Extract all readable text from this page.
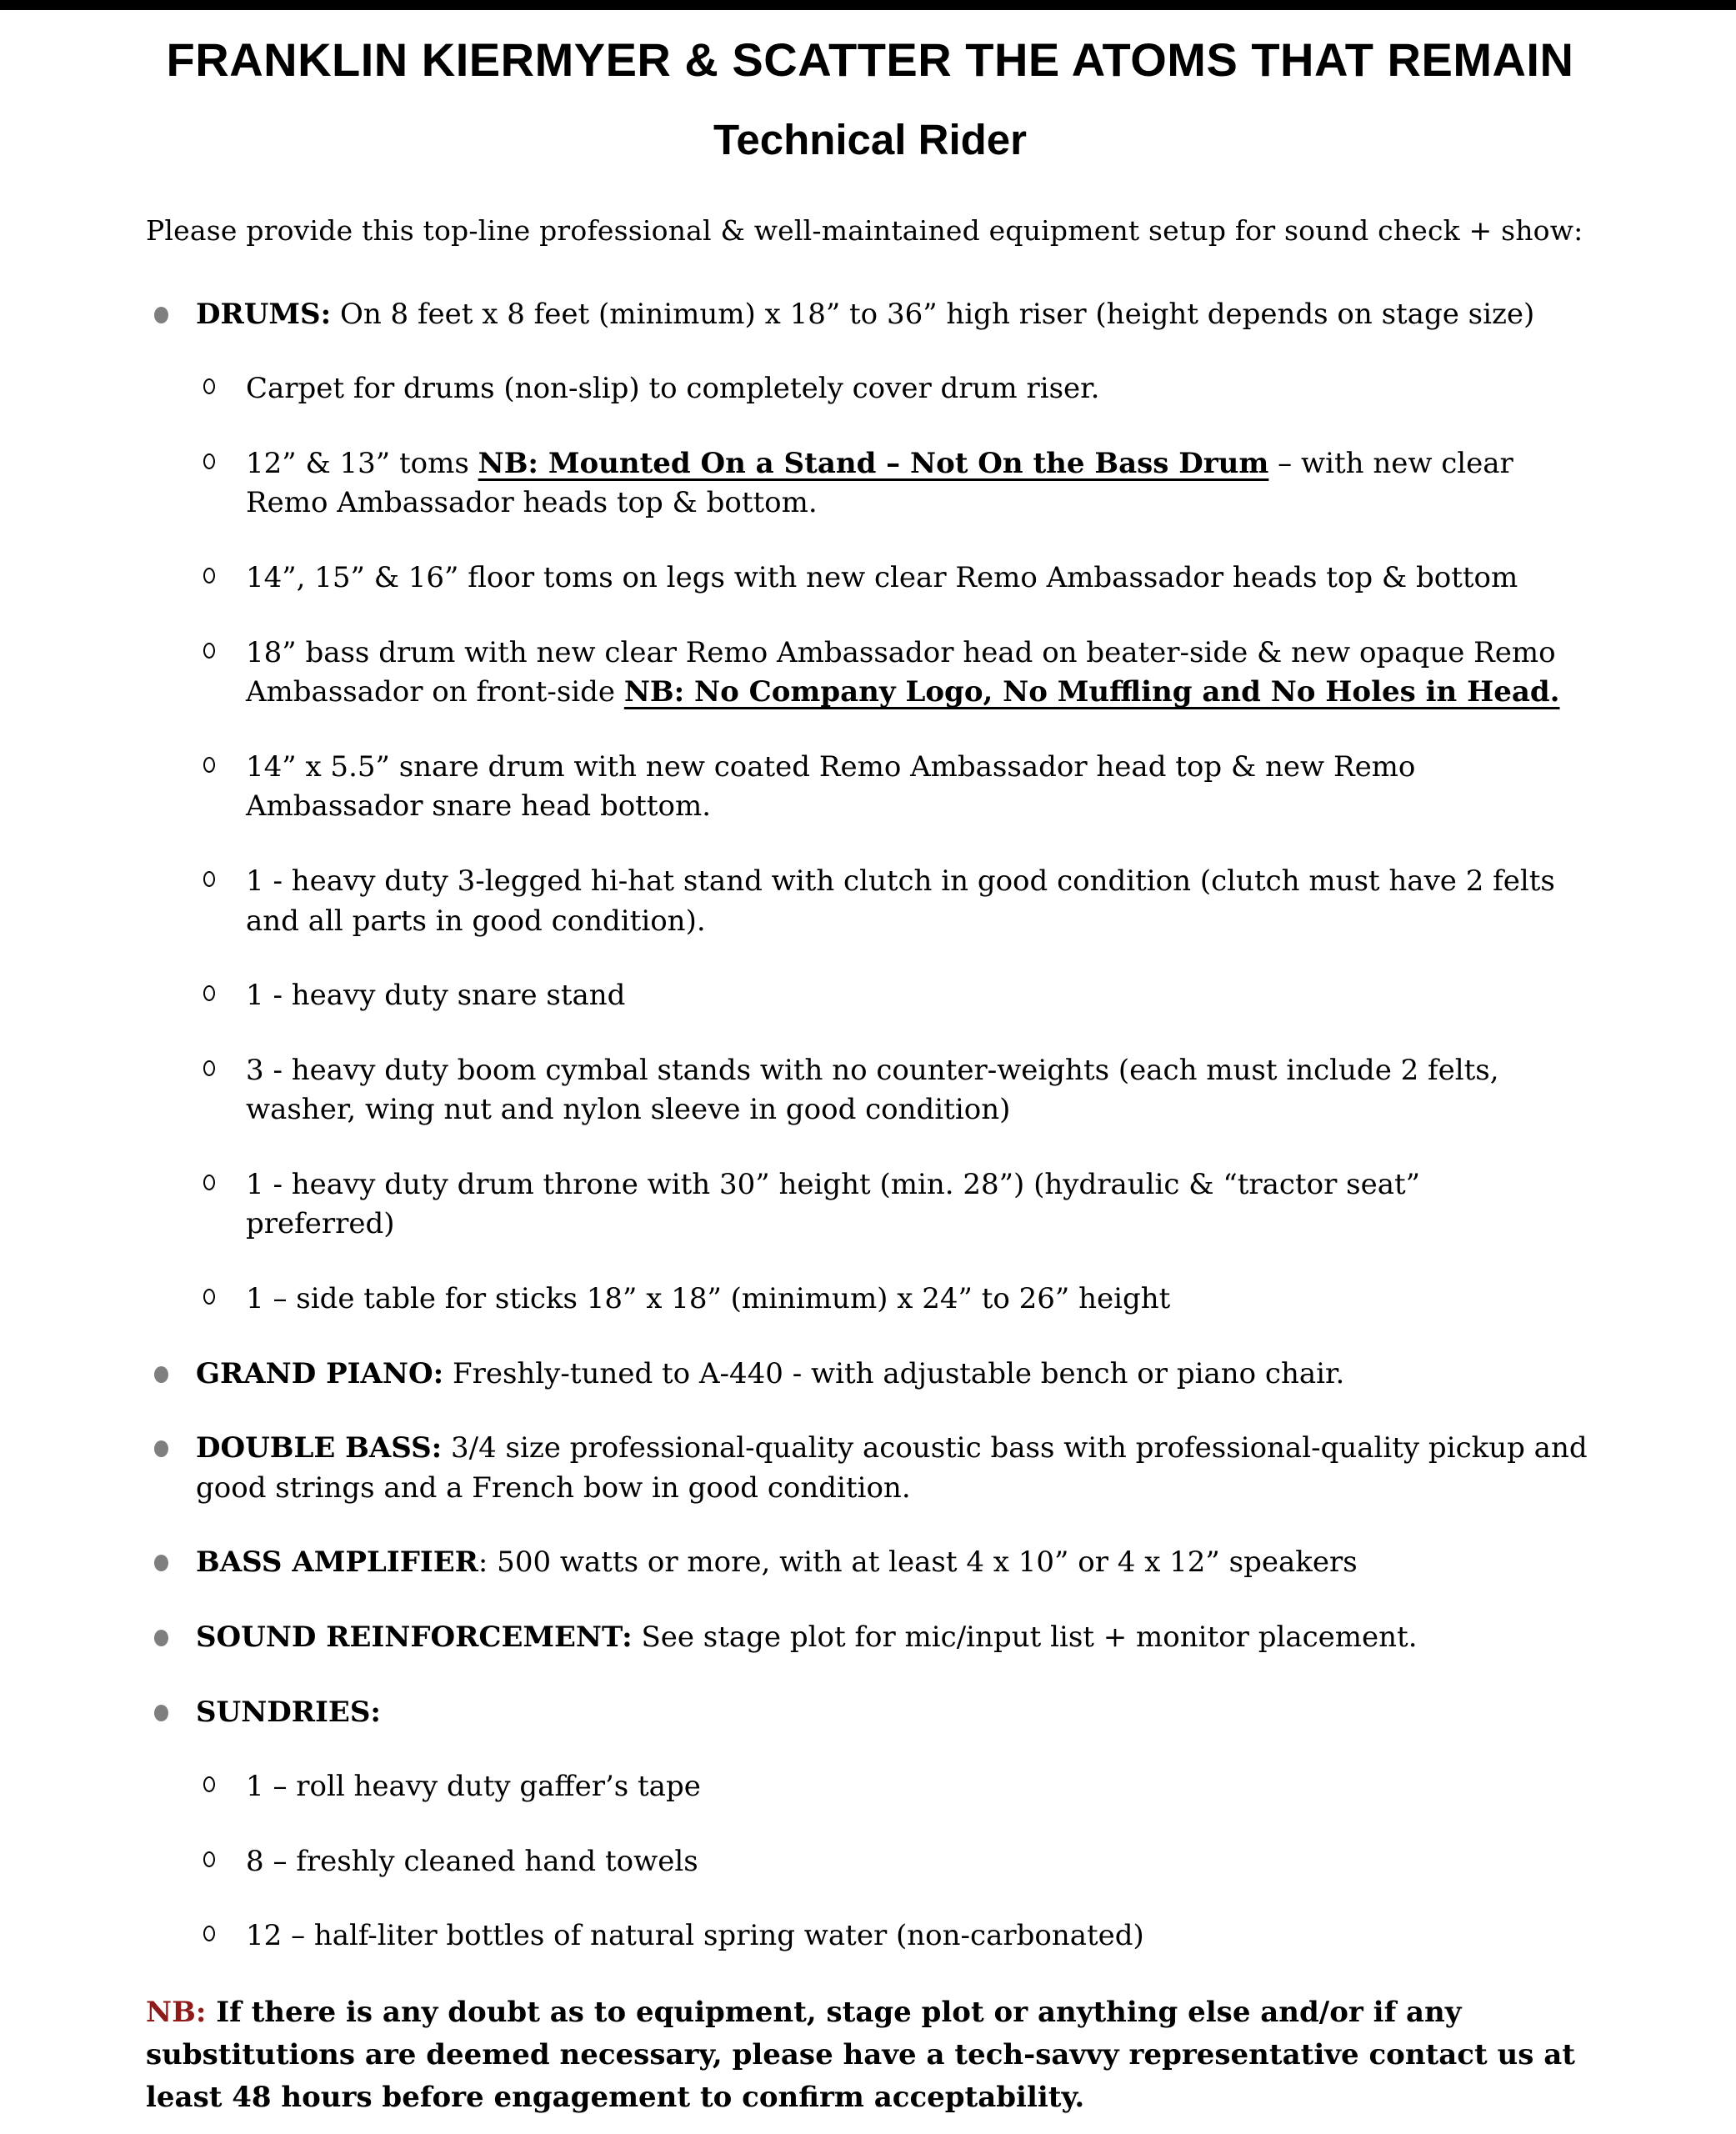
FRANKLIN KIERMYER & SCATTER THE ATOMS THAT REMAIN
Technical Rider
Please provide this top-line professional & well-maintained equipment setup for sound check + show:
DRUMS: On 8 feet x 8 feet (minimum) x 18” to 36” high riser (height depends on stage size)
Carpet for drums (non-slip) to completely cover drum riser.
12” & 13” toms NB: Mounted On a Stand – Not On the Bass Drum – with new clear Remo Ambassador heads top & bottom.
14”, 15” & 16” floor toms on legs with new clear Remo Ambassador heads top & bottom
18” bass drum with new clear Remo Ambassador head on beater-side & new opaque Remo Ambassador on front-side NB: No Company Logo, No Muffling and No Holes in Head.
14” x 5.5” snare drum with new coated Remo Ambassador head top & new Remo Ambassador snare head bottom.
1 - heavy duty 3-legged hi-hat stand with clutch in good condition (clutch must have 2 felts and all parts in good condition).
1 - heavy duty snare stand
3 - heavy duty boom cymbal stands with no counter-weights (each must include 2 felts, washer, wing nut and nylon sleeve in good condition)
1 - heavy duty drum throne with 30” height (min. 28”) (hydraulic & “tractor seat” preferred)
1 – side table for sticks 18” x 18” (minimum) x 24” to 26” height
GRAND PIANO: Freshly-tuned to A-440 - with adjustable bench or piano chair.
DOUBLE BASS: 3/4 size professional-quality acoustic bass with professional-quality pickup and good strings and a French bow in good condition.
BASS AMPLIFIER: 500 watts or more, with at least 4 x 10” or 4 x 12” speakers
SOUND REINFORCEMENT: See stage plot for mic/input list + monitor placement.
SUNDRIES:
1 – roll heavy duty gaffer’s tape
8 – freshly cleaned hand towels
12 – half-liter bottles of natural spring water (non-carbonated)
NB: If there is any doubt as to equipment, stage plot or anything else and/or if any substitutions are deemed necessary, please have a tech-savvy representative contact us at least 48 hours before engagement to confirm acceptability.
